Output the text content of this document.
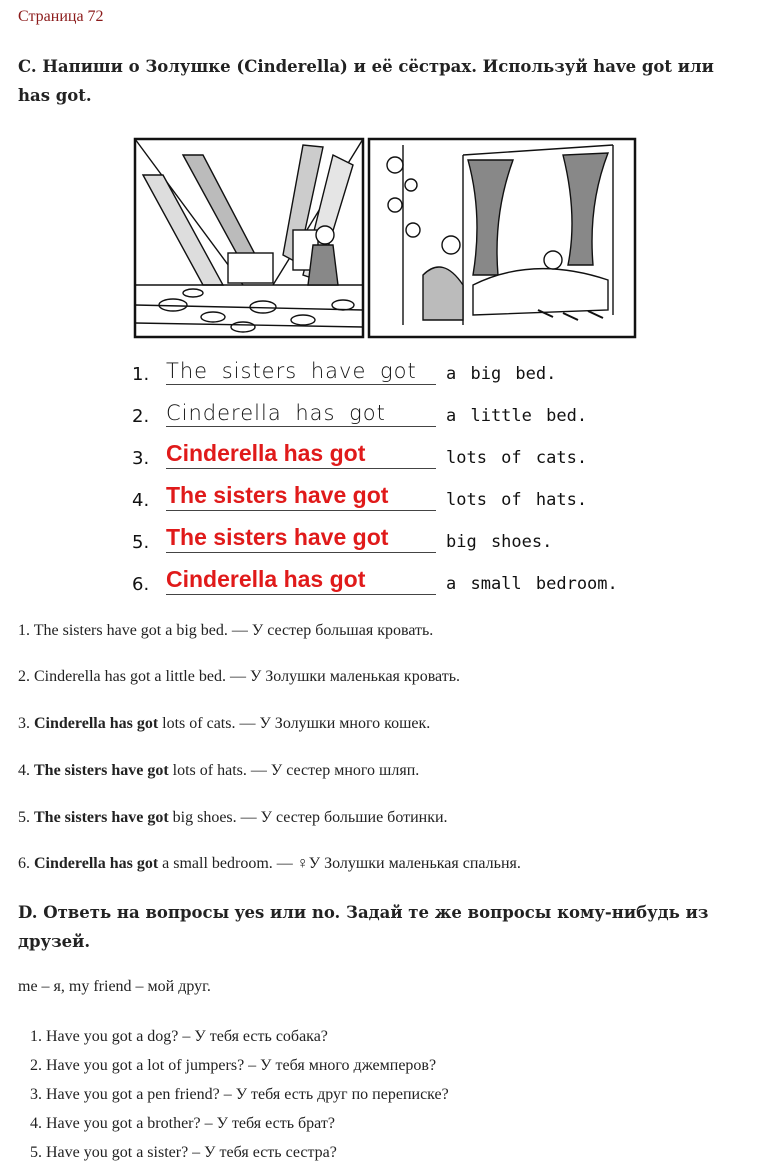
Страница 72
C. Напиши о Золушке (Cinderella) и её сёстрах. Используй have got или
has got.
1. The sisters have got a big bed.
2. Cinderella has got	a little bed.
3. Cinderella has got	lots of cats.
4. The sisters have got	lots of hats.
5. The sisters have got	big shoes.
6. Cinderella has got	a small bedroom.
1. The sisters have got a big bed. — У сестер большая кровать.
2. Cinderella has got a little bed. — У Золушки маленькая кровать.
3. Cinderella has got lots of cats. — У Золушки много кошек.
4. The sisters have got lots of hats. — У сестер много шляп.
5. The sisters have got big shoes. — У сестер большие ботинки.
6. Cinderella has got a small bedroom. — ♀У Золушки маленькая спальня.
D. Ответь на вопросы yes или no. Задай те же вопросы кому-нибудь из
друзей.
me – я, my friend – мой друг.
1. Have you got a dog? – У тебя есть собака?
2. Have you got a lot of jumpers? – У тебя много джемперов?
3. Have you got a pen friend? – У тебя есть друг по переписке?
4. Have you got a brother? – У тебя есть брат?
5. Have you got a sister? – У тебя есть сестра?
